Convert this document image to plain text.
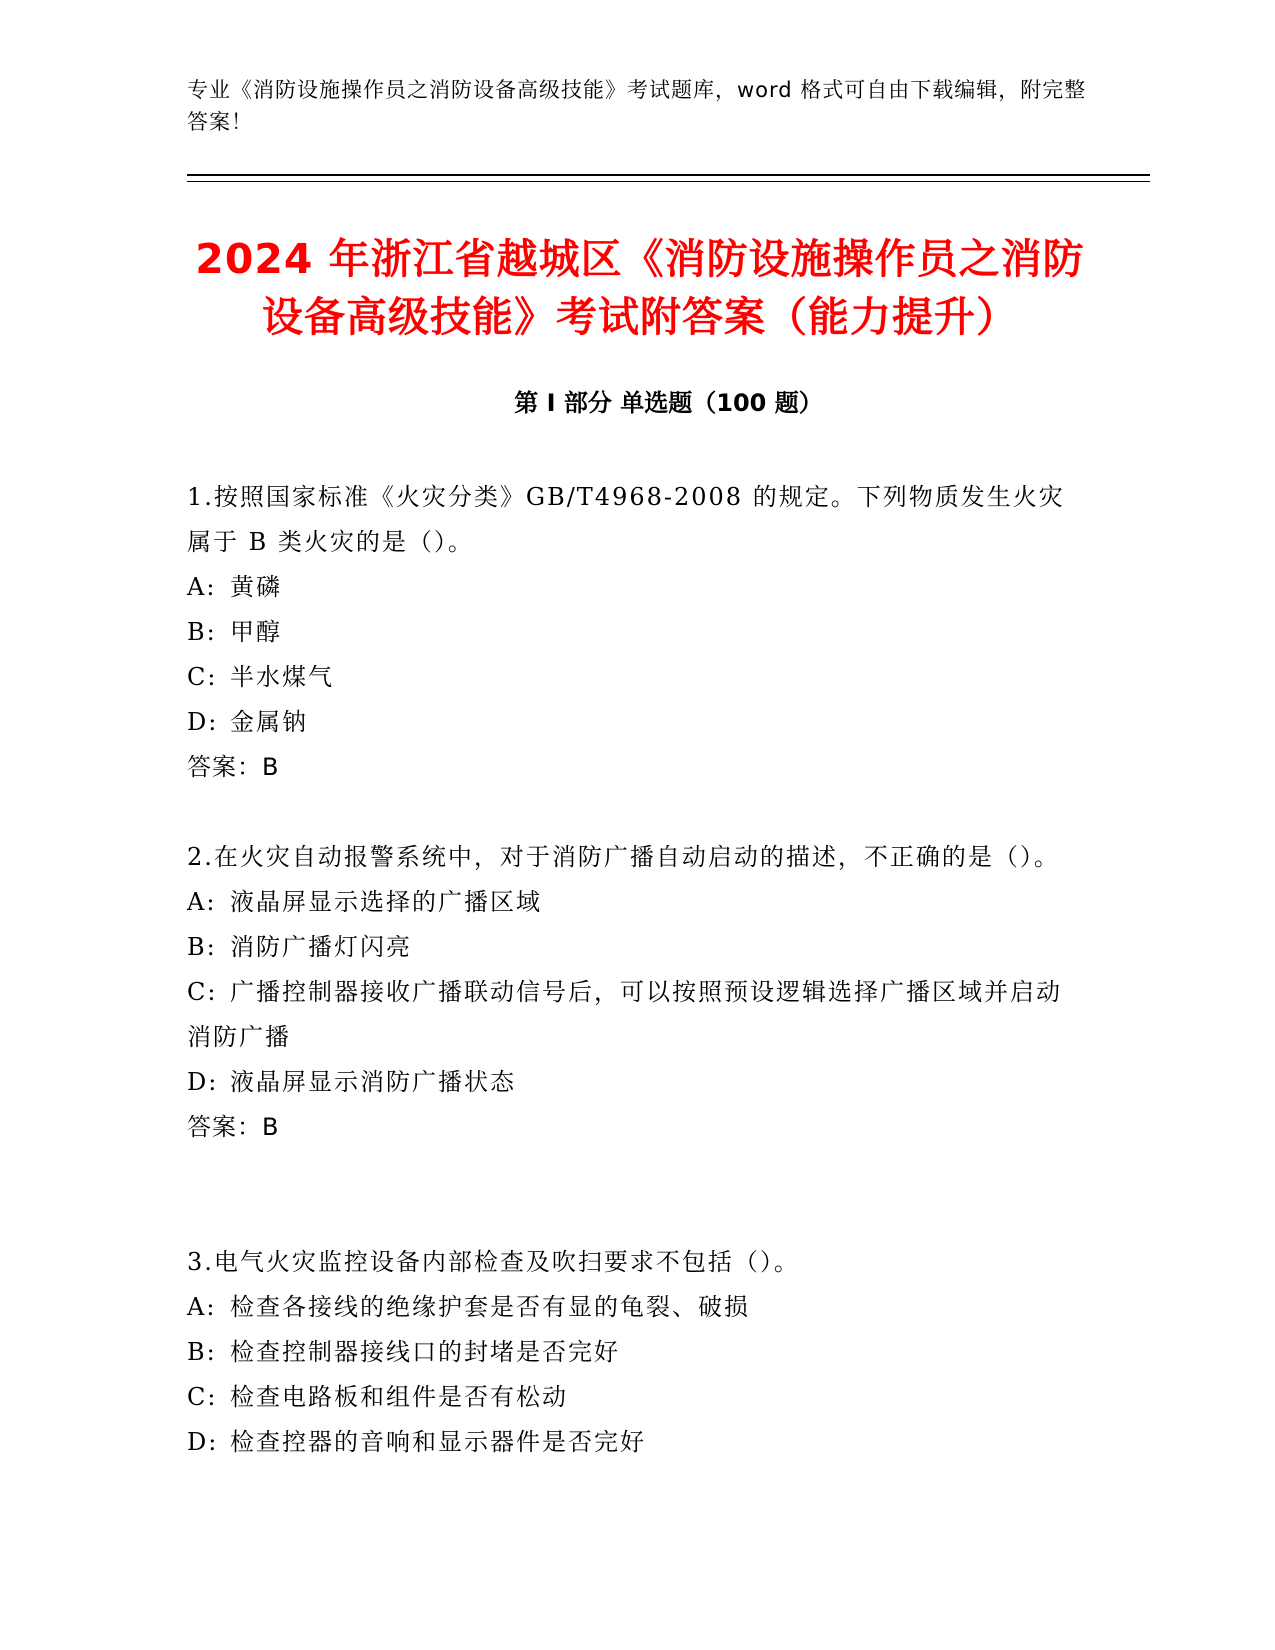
专业《消防设施操作员之消防设备高级技能》考试题库，word 格式可自由下载编辑，附完整答案！
2024 年浙江省越城区《消防设施操作员之消防设备高级技能》考试附答案（能力提升）
第 I 部分 单选题（100 题）
1.按照国家标准《火灾分类》GB/T4968-2008 的规定。下列物质发生火灾属于 B 类火灾的是（）。
A: 黄磷
B: 甲醇
C: 半水煤气
D: 金属钠
答案：B
2.在火灾自动报警系统中，对于消防广播自动启动的描述，不正确的是（）。
A: 液晶屏显示选择的广播区域
B: 消防广播灯闪亮
C: 广播控制器接收广播联动信号后，可以按照预设逻辑选择广播区域并启动消防广播
D: 液晶屏显示消防广播状态
答案：B
3.电气火灾监控设备内部检查及吹扫要求不包括（）。
A: 检查各接线的绝缘护套是否有显的龟裂、破损
B: 检查控制器接线口的封堵是否完好
C: 检查电路板和组件是否有松动
D: 检查控器的音响和显示器件是否完好
